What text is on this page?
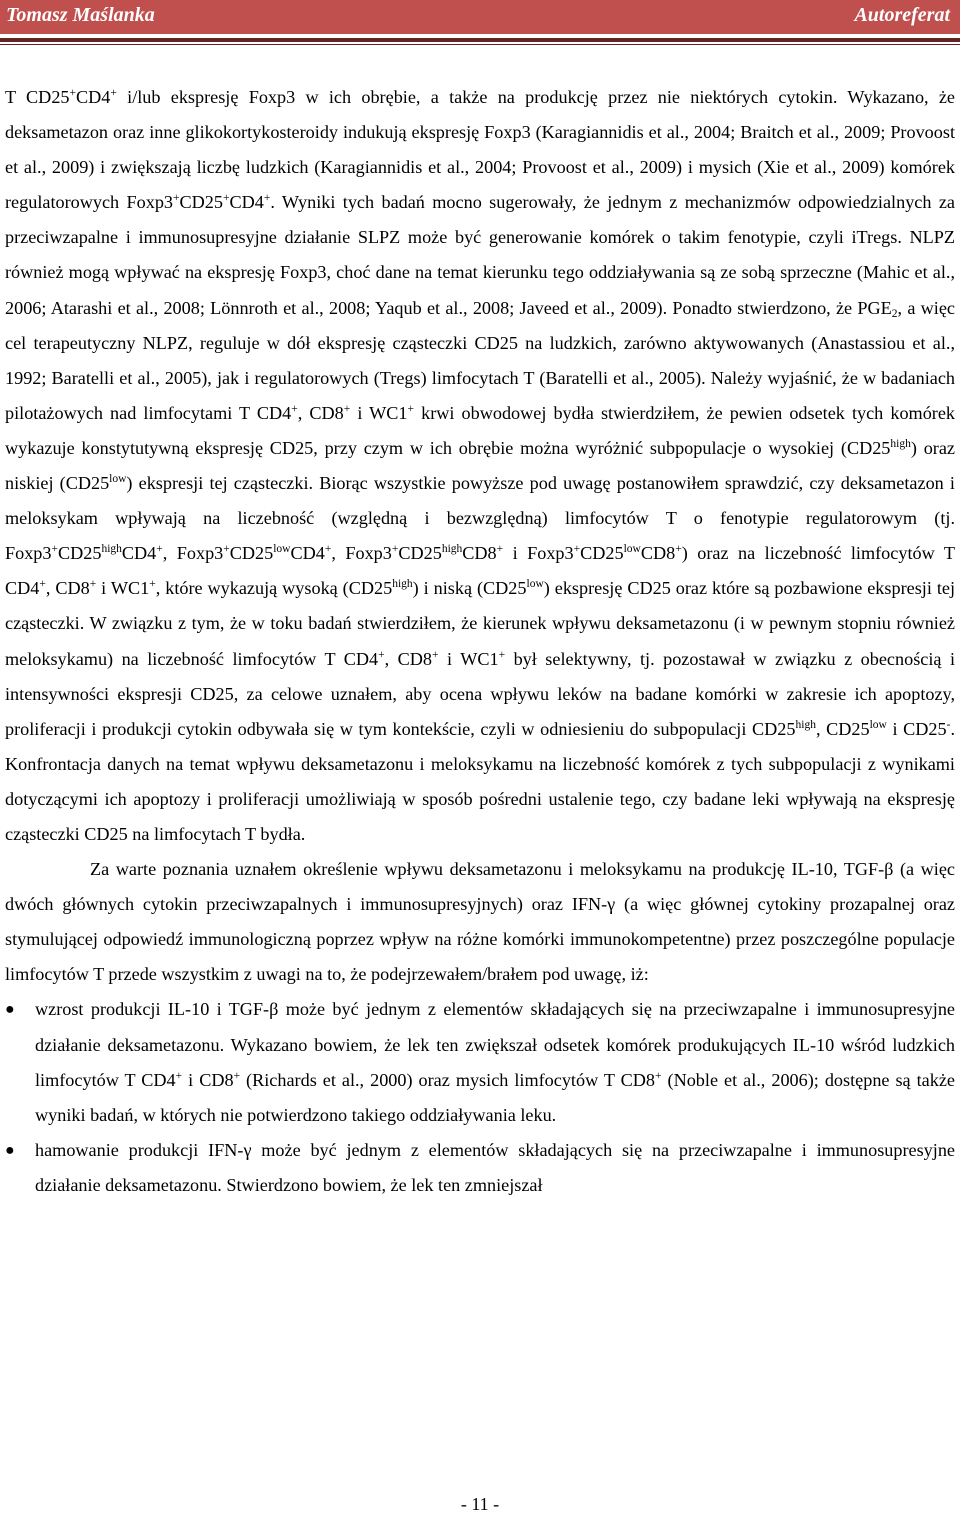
Tomasz Maślanka	Autoreferat

T CD25+CD4+ i/lub ekspresję Foxp3 w ich obrębie, a także na produkcję przez nie niektórych cytokin. Wykazano, że deksametazon oraz inne glikokortykosteroidy indukują ekspresję Foxp3 (Karagiannidis et al., 2004; Braitch et al., 2009; Provoost et al., 2009) i zwiększają liczbę ludzkich (Karagiannidis et al., 2004; Provoost et al., 2009) i mysich (Xie et al., 2009) komórek regulatorowych Foxp3+CD25+CD4+. Wyniki tych badań mocno sugerowały, że jednym z mechanizmów odpowiedzialnych za przeciwzapalne i immunosupresyjne działanie SLPZ może być generowanie komórek o takim fenotypie, czyli iTregs. NLPZ również mogą wpływać na ekspresję Foxp3, choć dane na temat kierunku tego oddziaływania są ze sobą sprzeczne (Mahic et al., 2006; Atarashi et al., 2008; Lönnroth et al., 2008; Yaqub et al., 2008; Javeed et al., 2009). Ponadto stwierdzono, że $PGE_2$, a więc cel terapeutyczny NLPZ, reguluje w dół ekspresję cząsteczki CD25 na ludzkich, zarówno aktywowanych (Anastassiou et al., 1992; Baratelli et al., 2005), jak i regulatorowych (Tregs) limfocytach T (Baratelli et al., 2005). Należy wyjaśnić, że w badaniach pilotażowych nad limfocytami T CD4+, CD8+ i WC1+ krwi obwodowej bydła stwierdziłem, że pewien odsetek tych komórek wykazuje konstytutywną ekspresję CD25, przy czym w ich obrębie można wyróżnić subpopulacje o wysokiej $(CD25^{high})$ oraz niskiej $(CD25^{low})$ ekspresji tej cząsteczki. Biorąc wszystkie powyższe pod uwagę postanowiłem sprawdzić, czy deksametazon i meloksykam wpływają na liczebność (względną i bezwzględną) limfocytów T o fenotypie regulatorowym (tj. $Foxp3^+CD25^{high}CD4^+$, $Foxp3^+CD25^{low}CD4^+$, $Foxp3^+CD25^{high}CD8^+$ i $Foxp3^+CD25^{low}CD8^+$) oraz na liczebność limfocytów T CD4+, CD8+ i WC1+, które wykazują wysoką $(CD25^{high})$ i niską $(CD25^{low})$ ekspresję CD25 oraz które są pozbawione ekspresji tej cząsteczki. W związku z tym, że w toku badań stwierdziłem, że kierunek wpływu deksametazonu (i w pewnym stopniu również meloksykamu) na liczebność limfocytów T CD4+, CD8+ i WC1+ był selektywny, tj. pozostawał w związku z obecnością i intensywności ekspresji CD25, za celowe uznałem, aby ocena wpływu leków na badane komórki w zakresie ich apoptozy, proliferacji i produkcji cytokin odbywała się w tym kontekście, czyli w odniesieniu do subpopulacji $CD25^{high}$, $CD25^{low}$ i CD25-. Konfrontacja danych na temat wpływu deksametazonu i meloksykamu na liczebność komórek z tych subpopulacji z wynikami dotyczącymi ich apoptozy i proliferacji umożliwiają w sposób pośredni ustalenie tego, czy badane leki wpływają na ekspresję cząsteczki CD25 na limfocytach T bydła.

Za warte poznania uznałem określenie wpływu deksametazonu i meloksykamu na produkcję IL-10, TGF-β (a więc dwóch głównych cytokin przeciwzapalnych i immunosupresyjnych) oraz IFN-γ (a więc głównej cytokiny prozapalnej oraz stymulującej odpowiedź immunologiczną poprzez wpływ na różne komórki immunokompetentne) przez poszczególne populacje limfocytów T przede wszystkim z uwagi na to, że podejrzewałem/brałem pod uwagę, iż:

● wzrost produkcji IL-10 i TGF-β może być jednym z elementów składających się na przeciwzapalne i immunosupresyjne działanie deksametazonu. Wykazano bowiem, że lek ten zwiększał odsetek komórek produkujących IL-10 wśród ludzkich limfocytów T CD4+ i CD8+ (Richards et al., 2000) oraz mysich limfocytów T CD8+ (Noble et al., 2006); dostępne są także wyniki badań, w których nie potwierdzono takiego oddziaływania leku.
● hamowanie produkcji IFN-γ może być jednym z elementów składających się na przeciwzapalne i immunosupresyjne działanie deksametazonu. Stwierdzono bowiem, że lek ten zmniejszał
- 11 -
